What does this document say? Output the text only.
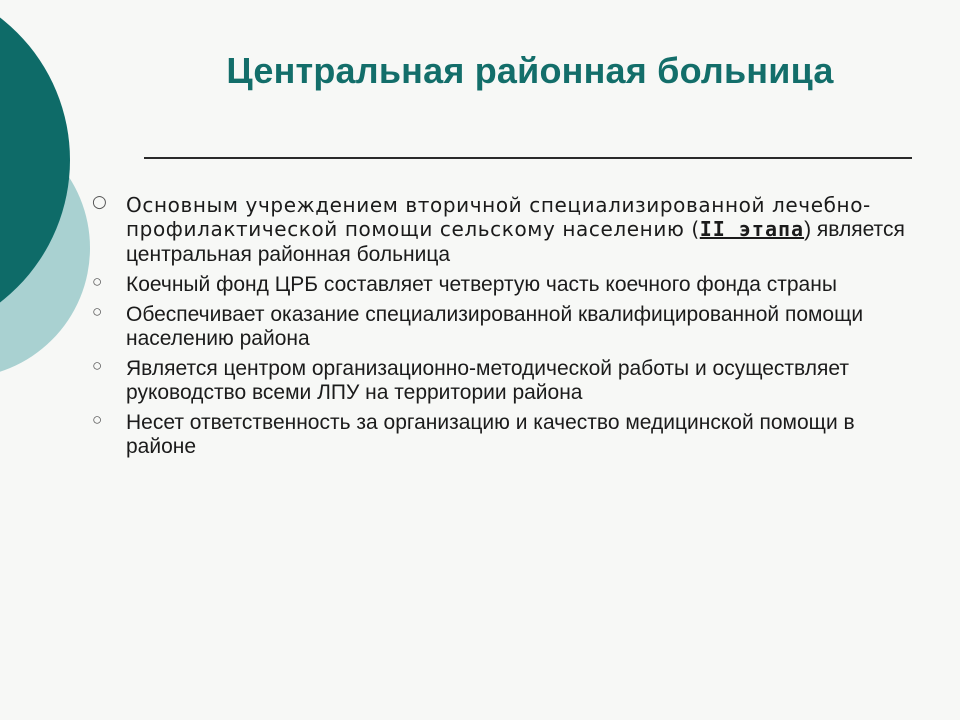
Центральная районная больница
○ Основным учреждением вторичной специализированной лечебно-профилактической помощи сельскому населению (II этапа) является центральная районная больница
○ Коечный фонд ЦРБ составляет четвертую часть коечного фонда страны
○ Обеспечивает оказание специализированной квалифицированной помощи населению района
○ Является центром организационно-методической работы и осуществляет руководство всеми ЛПУ на территории района
○ Несет ответственность за организацию и качество медицинской помощи в районе
